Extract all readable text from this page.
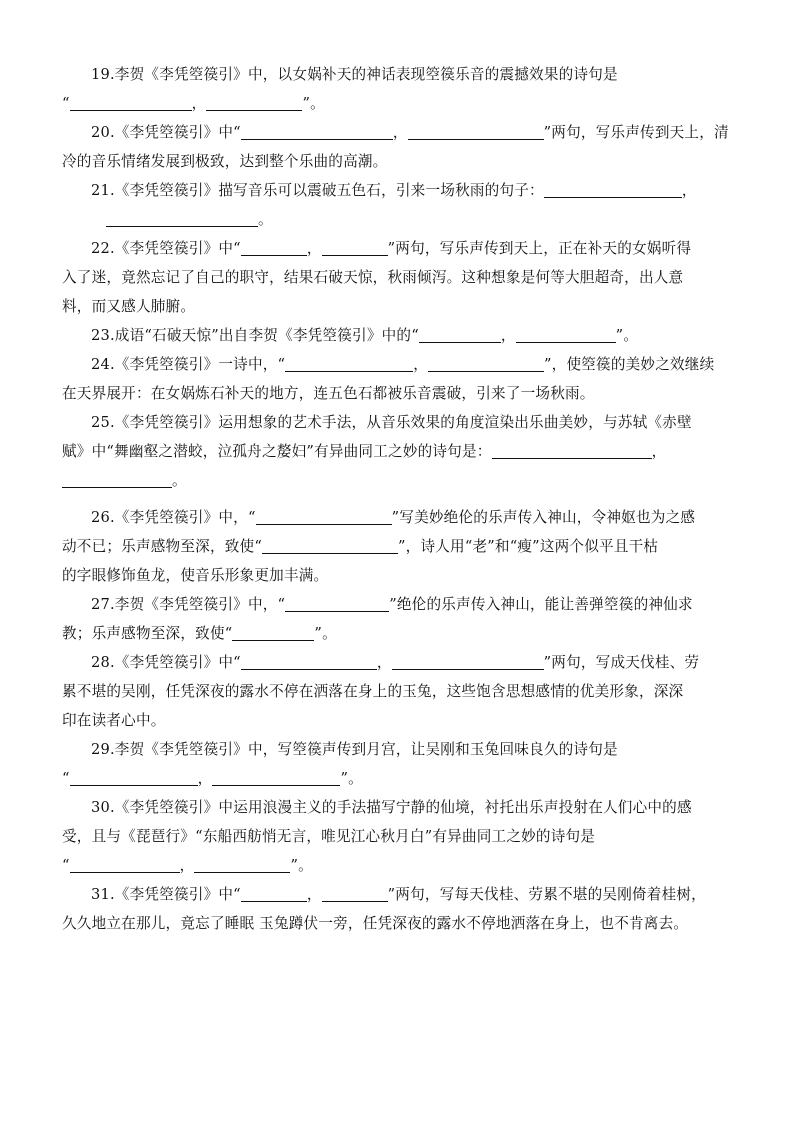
19.李贺《李凭箜篌引》中，以女娲补天的神话表现箜篌乐音的震撼效果的诗句是
“	，	”。

20.《李凭箜篌引》中“	，	”两句，写乐声传到天上，清
冷的音乐情绪发展到极致，达到整个乐曲的高潮。

21.《李凭箜篌引》描写音乐可以震破五色石，引来一场秋雨的句子：	，
。

22.《李凭箜篌引》中“	，	”两句，写乐声传到天上，正在补天的女娲听得
入了迷，竟然忘记了自己的职守，结果石破天惊，秋雨倾泻。这种想象是何等大胆超奇，出人意
料，而又感人肺腑。

23.成语“石破天惊”出自李贺《李凭箜篌引》中的“	，	”。

24.《李凭箜篌引》一诗中，“	，	”，使箜篌的美妙之效继续
在天界展开：在女娲炼石补天的地方，连五色石都被乐音震破，引来了一场秋雨。

25.《李凭箜篌引》运用想象的艺术手法，从音乐效果的角度渲染出乐曲美妙，与苏轼《赤壁
赋》中“舞幽壑之潜蛟，泣孤舟之嫠妇”有异曲同工之妙的诗句是：	，
。

26.《李凭箜篌引》中，“	”写美妙绝伦的乐声传入神山，令神妪也为之感
动不已；乐声感物至深，致使“	”，诗人用“老”和“瘦”这两个似平且干枯
的字眼修饰鱼龙，使音乐形象更加丰满。

27.李贺《李凭箜篌引》中，“	”绝伦的乐声传入神山，能让善弹箜篌的神仙求
教；乐声感物至深，致使“	”。

28.《李凭箜篌引》中“	，	”两句，写成天伐桂、劳
累不堪的吴刚，任凭深夜的露水不停在洒落在身上的玉兔，这些饱含思想感情的优美形象，深深
印在读者心中。

29.李贺《李凭箜篌引》中，写箜篌声传到月宫，让吴刚和玉兔回味良久的诗句是
“	，	”。

30.《李凭箜篌引》中运用浪漫主义的手法描写宁静的仙境，衬托出乐声投射在人们心中的感
受，且与《琵琶行》“东船西舫悄无言，唯见江心秋月白”有异曲同工之妙的诗句是
“	，	”。

31.《李凭箜篌引》中“	，	”两句，写每天伐桂、劳累不堪的吴刚倚着桂树，
久久地立在那儿，竟忘了睡眠 玉兔蹲伏一旁，任凭深夜的露水不停地洒落在身上，也不肯离去。
